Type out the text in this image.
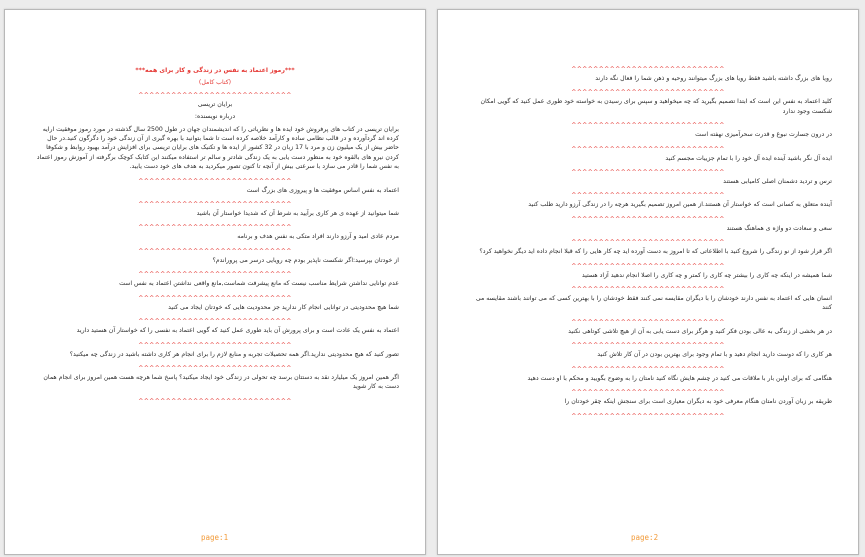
***رموز اعتماد به نفس در زندگی و کار برای همه***
(کتاب کامل)
^^^^^^^^^^^^^^^^^^^^^^^^^^^^
برایان تریسی
درباره نویسنده:
برایان تریسی در کتاب های پرفروش خود ایده ها و نظریاتی را که اندیشمندان جهان در طول 2500 سال گذشته در مورد رموز موفقیت ارایه کرده اند گردآورده و در قالب نظامی ساده و کارآمد خلاصه کرده است تا شما بتوانید با بهره گیری از آن زندگی خود را دگرگون کنید.در حال حاضر بیش از یک میلیون زن و مرد با 17 زبان در 32 کشور از ایده ها و تکنیک های برایان تریسی برای افزایش درآمد بهبود روابط و شکوفا کردن نیرو های بالقوه خود به منظور دست یابی به یک زندگی شادتر و سالم تر استفاده میکنند این کتابک کوچک برگرفته از آموزش رموز اعتماد به نفس شما را قادر می سازد با سرعتی بیش از آنچه تا کنون تصور میکردید به هدف های خود دست یابید.
^^^^^^^^^^^^^^^^^^^^^^^^^^^^
اعتماد به نفس اساس موفقیت ها و پیروزی های بزرگ است
^^^^^^^^^^^^^^^^^^^^^^^^^^^^
شما میتوانید از عهده ی هر کاری برآیید به شرط آن که شدیدا خواستار آن باشید
^^^^^^^^^^^^^^^^^^^^^^^^^^^^
مردم عادی امید و آرزو دارند افراد متکی به نفس هدف و برنامه
^^^^^^^^^^^^^^^^^^^^^^^^^^^^
از خودتان بپرسید:اگر شکست ناپذیر بودم چه رویایی درسر می پروراندم؟
^^^^^^^^^^^^^^^^^^^^^^^^^^^^
عدم توانایی نداشتن شرایط مناسب نیست که مانع پیشرفت شماست,مانع واقعی نداشتن اعتماد به نفس است
^^^^^^^^^^^^^^^^^^^^^^^^^^^^
شما هیچ محدودیتی در توانایی انجام کار ندارید جز محدودیت هایی که خودتان ایجاد می کنید
^^^^^^^^^^^^^^^^^^^^^^^^^^^^
اعتماد به نفس یک عادت است و برای پرورش آن باید طوری عمل کنید که گویی اعتماد به نفسی را که خواستار آن هستید دارید
^^^^^^^^^^^^^^^^^^^^^^^^^^^^
تصور کنید که هیچ محدودیتی ندارید.اگر همه تحصیلات تجربه و منابع لازم را برای انجام هر کاری داشته باشید در زندگی چه میکنید؟
^^^^^^^^^^^^^^^^^^^^^^^^^^^^
اگر همین امروز یک میلیارد نقد به دستتان برسد چه تحولی در زندگی خود ایجاد میکنید؟ پاسخ شما هرچه هست همین امروز برای انجام همان دست به کار شوید
^^^^^^^^^^^^^^^^^^^^^^^^^^^^
page:1
^^^^^^^^^^^^^^^^^^^^^^^^^^^^
رویا های بزرگ داشته باشید فقط رویا های بزرگ میتوانند روحیه و ذهن شما را فعال نگه دارند
^^^^^^^^^^^^^^^^^^^^^^^^^^^^
کلید اعتماد به نفس این است که ابتدا تصمیم بگیرید که چه میخواهید و سپس برای رسیدن به خواسته خود طوری عمل کنید که گویی امکان شکست وجود ندارد
^^^^^^^^^^^^^^^^^^^^^^^^^^^^
در درون جسارت نبوغ و قدرت سحرآمیزی نهفته است
^^^^^^^^^^^^^^^^^^^^^^^^^^^^
ایده آل نگر باشید آینده ایده آل خود را با تمام جزییات مجسم کنید
^^^^^^^^^^^^^^^^^^^^^^^^^^^^
ترس و تردید دشمنان اصلی کامیابی هستند
^^^^^^^^^^^^^^^^^^^^^^^^^^^^
آینده متعلق به کسانی است که خواستار آن هستند.از همین امروز تصمیم بگیرید هرچه را در زندگی آرزو دارید طلب کنید
^^^^^^^^^^^^^^^^^^^^^^^^^^^^
سعی و سعادت دو واژه ی هماهنگ هستند
^^^^^^^^^^^^^^^^^^^^^^^^^^^^
اگر قرار شود از نو زندگی را شروع کنید با اطلاعاتی که تا امروز به دست آورده اید چه کار هایی را که قبلا انجام داده اید دیگر نخواهید کرد؟
^^^^^^^^^^^^^^^^^^^^^^^^^^^^
شما همیشه در اینکه چه کاری را بیشتر چه کاری را کمتر و چه کاری را اصلا انجام ندهید آزاد هستید
^^^^^^^^^^^^^^^^^^^^^^^^^^^^
انسان هایی که اعتماد به نفس دارند خودشان را با دیگران مقایسه نمی کنند فقط خودشان را با بهترین کسی که می توانند باشند مقایسه می کنند
^^^^^^^^^^^^^^^^^^^^^^^^^^^^
در هر بخشی از زندگی به عالی بودن فکر کنید و هرگز برای دست یابی به آن از هیچ تلاشی کوتاهی نکنید
^^^^^^^^^^^^^^^^^^^^^^^^^^^^
هر کاری را که دوست دارید انجام دهید و با تمام وجود برای بهترین بودن در آن کار تلاش کنید
^^^^^^^^^^^^^^^^^^^^^^^^^^^^
هنگامی که برای اولین بار با ملاقات می کنید در چشم هایش نگاه کنید نامتان را به وضوح بگویید و محکم با او دست دهید
^^^^^^^^^^^^^^^^^^^^^^^^^^^^
طریقه بر زبان آوردن نامتان هنگام معرفی خود به دیگران معیاری است برای سنجش اینکه چقر خودتان را
^^^^^^^^^^^^^^^^^^^^^^^^^^^^
page:2
